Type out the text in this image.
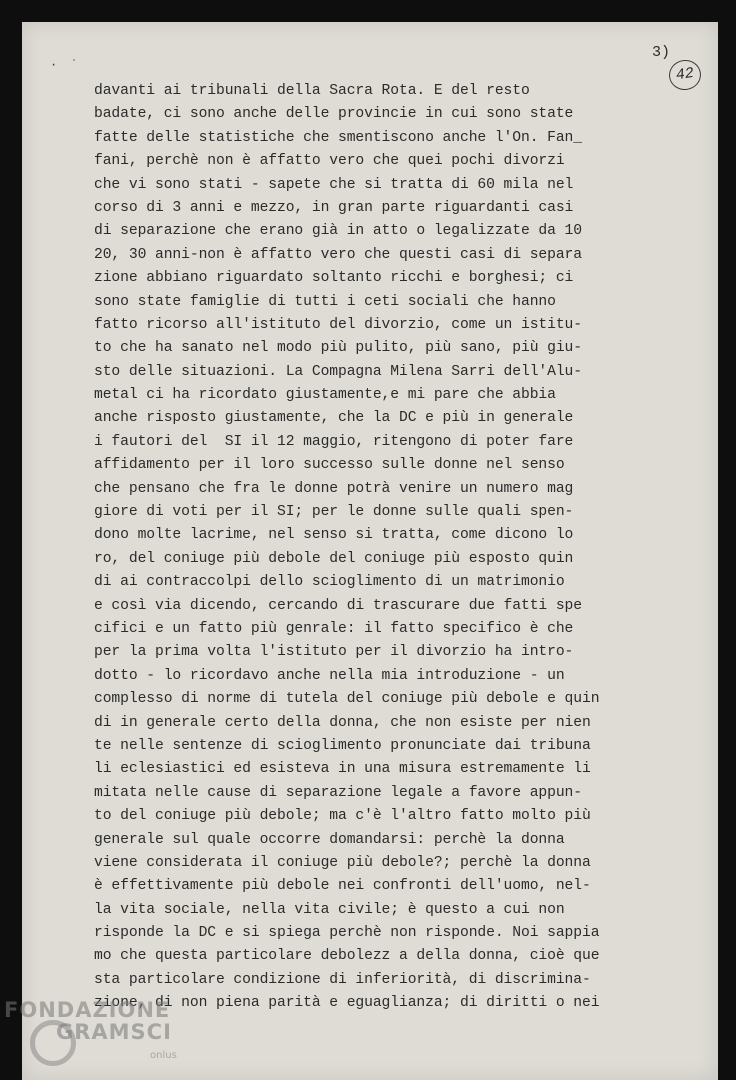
· ˙
3)
42
davanti ai tribunali della Sacra Rota. E del resto
badate, ci sono anche delle provincie in cui sono state
fatte delle statistiche che smentiscono anche l'On. Fan_
fani, perchè non è affatto vero che quei pochi divorzi
che vi sono stati - sapete che si tratta di 60 mila nel
corso di 3 anni e mezzo, in gran parte riguardanti casi
di separazione che erano già in atto o legalizzate da 10
20, 30 anni-non è affatto vero che questi casi di separa
zione abbiano riguardato soltanto ricchi e borghesi; ci
sono state famiglie di tutti i ceti sociali che hanno
fatto ricorso all'istituto del divorzio, come un istitu-
to che ha sanato nel modo più pulito, più sano, più giu-
sto delle situazioni. La Compagna Milena Sarri dell'Alu-
metal ci ha ricordato giustamente,e mi pare che abbia
anche risposto giustamente, che la DC e più in generale
i fautori del  SI il 12 maggio, ritengono di poter fare
affidamento per il loro successo sulle donne nel senso
che pensano che fra le donne potrà venire un numero mag
giore di voti per il SI; per le donne sulle quali spen-
dono molte lacrime, nel senso si tratta, come dicono lo
ro, del coniuge più debole del coniuge più esposto quin
di ai contraccolpi dello scioglimento di un matrimonio
e così via dicendo, cercando di trascurare due fatti spe
cifici e un fatto più genrale: il fatto specifico è che
per la prima volta l'istituto per il divorzio ha intro-
dotto - lo ricordavo anche nella mia introduzione - un
complesso di norme di tutela del coniuge più debole e quin
di in generale certo della donna, che non esiste per nien
te nelle sentenze di scioglimento pronunciate dai tribuna
li eclesiastici ed esisteva in una misura estremamente li
mitata nelle cause di separazione legale a favore appun-
to del coniuge più debole; ma c'è l'altro fatto molto più
generale sul quale occorre domandarsi: perchè la donna
viene considerata il coniuge più debole?; perchè la donna
è effettivamente più debole nei confronti dell'uomo, nel-
la vita sociale, nella vita civile; è questo a cui non
risponde la DC e si spiega perchè non risponde. Noi sappia
mo che questa particolare debolezz a della donna, cioè que
sta particolare condizione di inferiorità, di discrimina-
zione, di non piena parità e eguaglianza; di diritti o nei
FONDAZIONE
GRAMSCI
onlus
